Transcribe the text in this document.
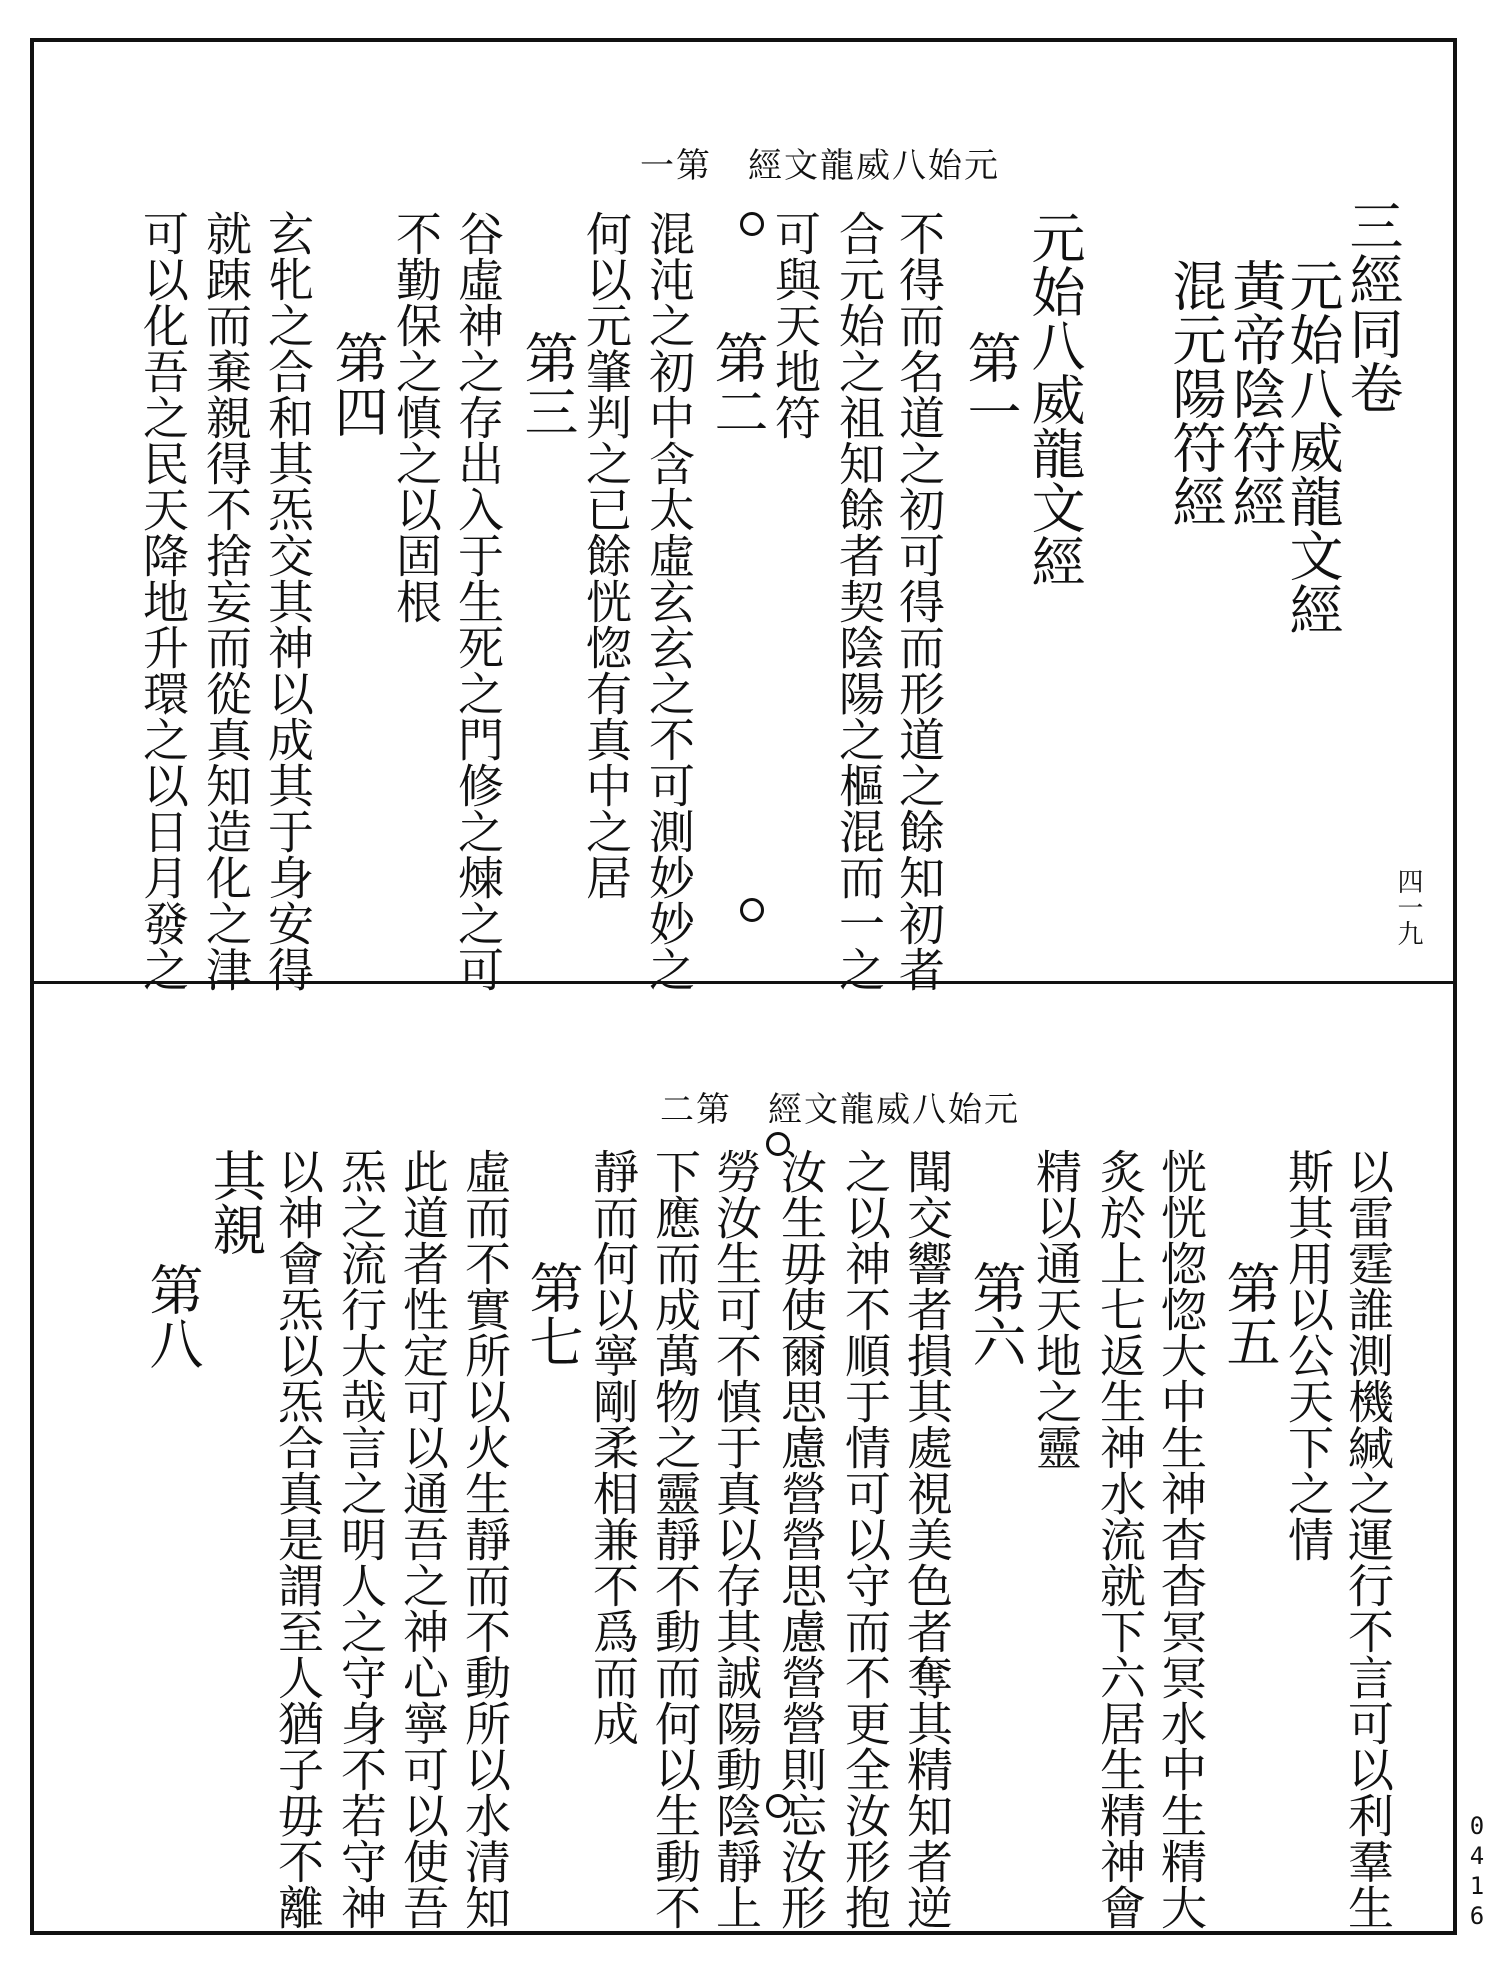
一第　經文龍威八始元
四一九
三經同卷
元始八威龍文經
黃帝陰符經
混元陽符經
元始八威龍文經
第一
不得而名道之初可得而形道之餘知初者
合元始之祖知餘者契陰陽之樞混而一之
可與天地符
第二
混沌之初中含太虛玄玄之不可測妙妙之
何以元肇判之已餘恍惚有真中之居
第三
谷虛神之存出入于生死之門修之煉之可
不勤保之慎之以固根
第四
玄牝之合和其炁交其神以成其于身安得
就踈而棄親得不捨妄而從真知造化之津
可以化吾之民天降地升環之以日月發之
二第　經文龍威八始元
以雷霆誰測機緘之運行不言可以利羣生
斯其用以公天下之情
第五
恍恍惚惚大中生神杳杳冥冥水中生精大
炙於上七返生神水流就下六居生精神會
精以通天地之靈
第六
聞交響者損其處視美色者奪其精知者逆
之以神不順于情可以守而不更全汝形抱
汝生毋使爾思慮營營思慮營營則忘汝形
勞汝生可不慎于真以存其誠陽動陰靜上
下應而成萬物之靈靜不動而何以生動不
靜而何以寧剛柔相兼不爲而成
第七
虛而不實所以火生靜而不動所以水清知
此道者性定可以通吾之神心寧可以使吾
炁之流行大哉言之明人之守身不若守神
以神會炁以炁合真是謂至人猶子毋不離
其親
第八
0416
